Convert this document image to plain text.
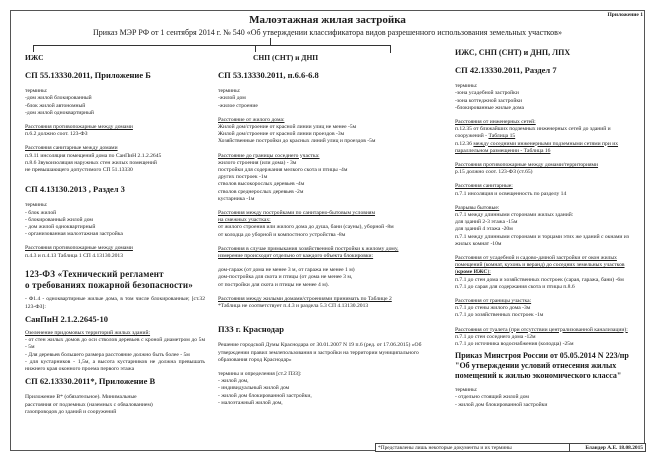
Приложение 1
Малоэтажная жилая застройка
Приказ МЭР РФ от 1 сентября 2014 г. № 540 «Об утверждении классификатора видов разрешенного использования земельных участков»
ИЖС
СП 55.13330.2011, Приложение Б
термины:
-дом жилой блокированный
-блок жилой автономный
-дом жилой одноквартирный
Расстояния противопожарные между домами
п.6.2 должно соот. 123-ФЗ
Расстояния санитарные между домами
п.9.11 инсоляция помещений дома по СанПиН 2.1.2.2645
п.8.6 Звукоизоляция наружных стен жилых помещений
не превышающего допустимого СП 51.13330
СП 4.13130.2013 , Раздел 3
термины:
- блок жилой
- блокированный жилой дом
- дом жилой одноквартирный
- организованная малоэтажная застройка
Расстояния противопожарные между домами
п.4.3 и п.4.13 Таблица 1 СП 4.13130.2013
123-ФЗ «Технический регламент
о требованиях пожарной безопасности»
- Ф1.4 - одноквартирные жилые дома, в том числе блокированные; [ст.32 123-ФЗ]:
СанПиН 2.1.2.2645-10
Озеленение придомовых территорий жилых зданий:
- от стен жилых домов до оси стволов деревьев с кроной диаметром до 5м - 5м
- Для деревьев большего размера расстояние должно быть более - 5м
- для кустарников - 1,5м, а высота кустарников не должна превышать нижнего края оконного проема первого этажа
СП 62.13330.2011*, Приложение В
Приложение В* (обязательное). Минимальные
расстояния от подземных (наземных с обвалованием)
газопроводов до зданий и сооружений
СНП (СНТ) и ДНП
СП 53.13330.2011, п.6.6-6.8
термины:
-жилой дом
-жилое строение
Расстояние от жилого дома:
Жилой дом/строение от красной линии улиц не менее -5м
Жилой дом/строение от красной линии проездов -3м
Хозяйственные постройки до красных линий улиц и проездов -5м
Расстояние до границы соседнего участка:
жилого строения (или дома) - 3м
постройки для содержания мелкого скота и птицы -4м
других построек -1м
стволов высокорослых деревьев -4м
стволов среднерослых деревьев -2м
кустарника -1м
Расстояния между постройками по санитарно-бытовым условиям
на смежных участках:
от жилого строения или жилого дома до душа, бани (сауны), уборной -8м
от колодца до уборной и компостного устройства -8м
Расстояния в случае примыкания хозяйственной постройки к жилому дому,
измерение происходит отдельно от каждого объекта блокировки:
дом-гараж (от дома не менее 3 м, от гаража не менее 1 м)
дом-постройка для скота и птицы (от дома не менее 3 м,
от постройки для скота и птицы не менее 4 м).
Расстояния между жилыми домами/строениями принимать по Таблице 2
*Таблица не соответствует п.4.3 и раздела 5.3 СП 4.13130.2013
ПЗЗ г. Краснодар
Решение городской Думы Краснодара от 30.01.2007 N 19 п.6 (ред. от 17.06.2015) «Об утверждении правил землепользования и застройки на территории муниципального образования город Краснодар»
термины и определения [ст.2 ПЗЗ]:
- жилой дом,
- индивидуальный жилой дом
- жилой дом блокированной застройки,
- малоэтажный жилой дом,
ИЖС, СНП (СНТ) и ДНП, ЛПХ
СП 42.13330.2011, Раздел 7
термины:
-зона усадебной застройки
-зона коттеджной застройки
-блокированные жилые дома
Расстояния от инженерных сетей:
п.12.35 от ближайших подземных инженерных сетей до зданий и сооружений - Таблица 15
п.12.36 между соседними инженерными подземными сетями при их параллельном размещении - Таблица 16
Расстояния противопожарные между домами/территориями
р.15 должно соот. 123-ФЗ (ст.65)
Расстояния санитарные:
п.7.1 инсоляция и освещенность по разделу 14
Разрывы бытовые:
п.7.1 между длинными сторонами жилых зданий:
для зданий 2-3 этажа -15м
для зданий 4 этажа -20м
п.7.1 между длинными сторонами и торцами этих же зданий с окнами из жилых комнат -10м
Расстояния от усадебной и садово-дачной застройки от окон жилых помещений (комнат, кухонь и веранд) до соседних земельных участков (кроме ИЖС):
п.7.1 до стен дома и хозяйственных построек (сарая, гаража, бани) -6м
п.7.1 до сарая для содержания скота и птицы п.8.6
Расстояния от границы участка:
п.7.1 до стены жилого дома -3м
п.7.1 до хозяйственных построек -1м
Расстояния от туалета (при отсутствии централизованной канализации):
п.7.1 до стен соседнего дома -12м
п.7.1 до источника водоснабжения (колодца) -25м
Приказ Минстроя России от 05.05.2014 N 223/пр "Об утверждении условий отнесения жилых помещений к жилью экономического класса"
термины:
- отдельно стоящий жилой дом
- жилой дом блокированной застройки
*Представлены лишь некоторые документы и их термины	Бландер А.Е. 18.08.2015
